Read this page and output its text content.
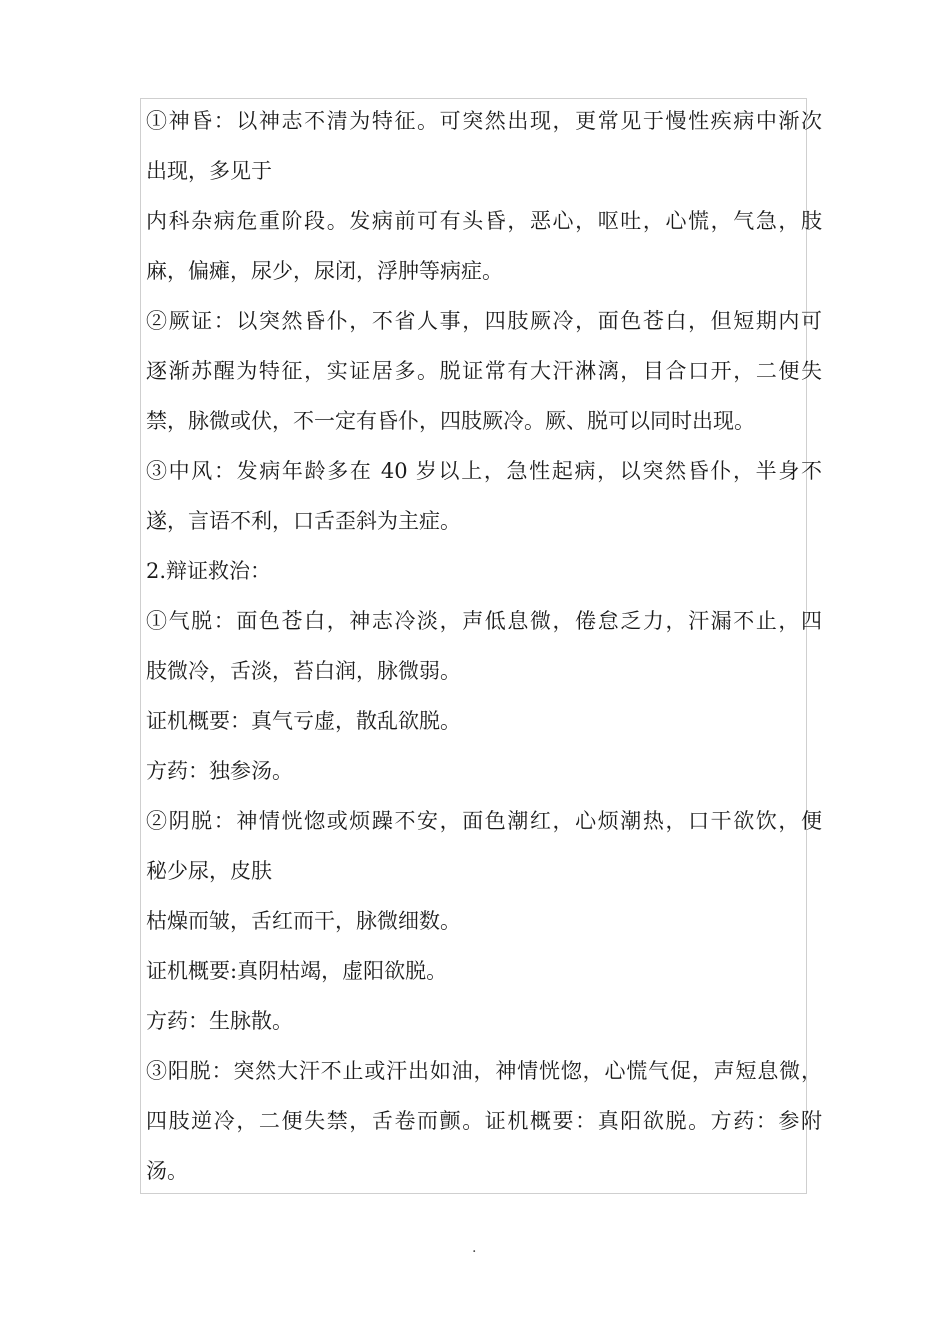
①神昏：以神志不清为特征。可突然出现，更常见于慢性疾病中渐次
出现，多见于
内科杂病危重阶段。发病前可有头昏，恶心，呕吐，心慌，气急，肢
麻，偏瘫，尿少，尿闭，浮肿等病症。
②厥证：以突然昏仆，不省人事，四肢厥冷，面色苍白，但短期内可
逐渐苏醒为特征，实证居多。脱证常有大汗淋漓，目合口开，二便失
禁，脉微或伏，不一定有昏仆，四肢厥冷。厥、脱可以同时出现。
③中风：发病年龄多在 40 岁以上，急性起病，以突然昏仆，半身不
遂，言语不利，口舌歪斜为主症。
2.辩证救治：
①气脱：面色苍白，神志冷淡，声低息微，倦怠乏力，汗漏不止，四
肢微冷，舌淡，苔白润，脉微弱。
证机概要：真气亏虚，散乱欲脱。
方药：独参汤。
②阴脱：神情恍惚或烦躁不安，面色潮红，心烦潮热，口干欲饮，便
秘少尿，皮肤
枯燥而皱，舌红而干，脉微细数。
证机概要:真阴枯竭，虚阳欲脱。
方药：生脉散。
③阳脱：突然大汗不止或汗出如油，神情恍惚，心慌气促，声短息微，
四肢逆冷，二便失禁，舌卷而颤。证机概要：真阳欲脱。方药：参附
汤。
.
